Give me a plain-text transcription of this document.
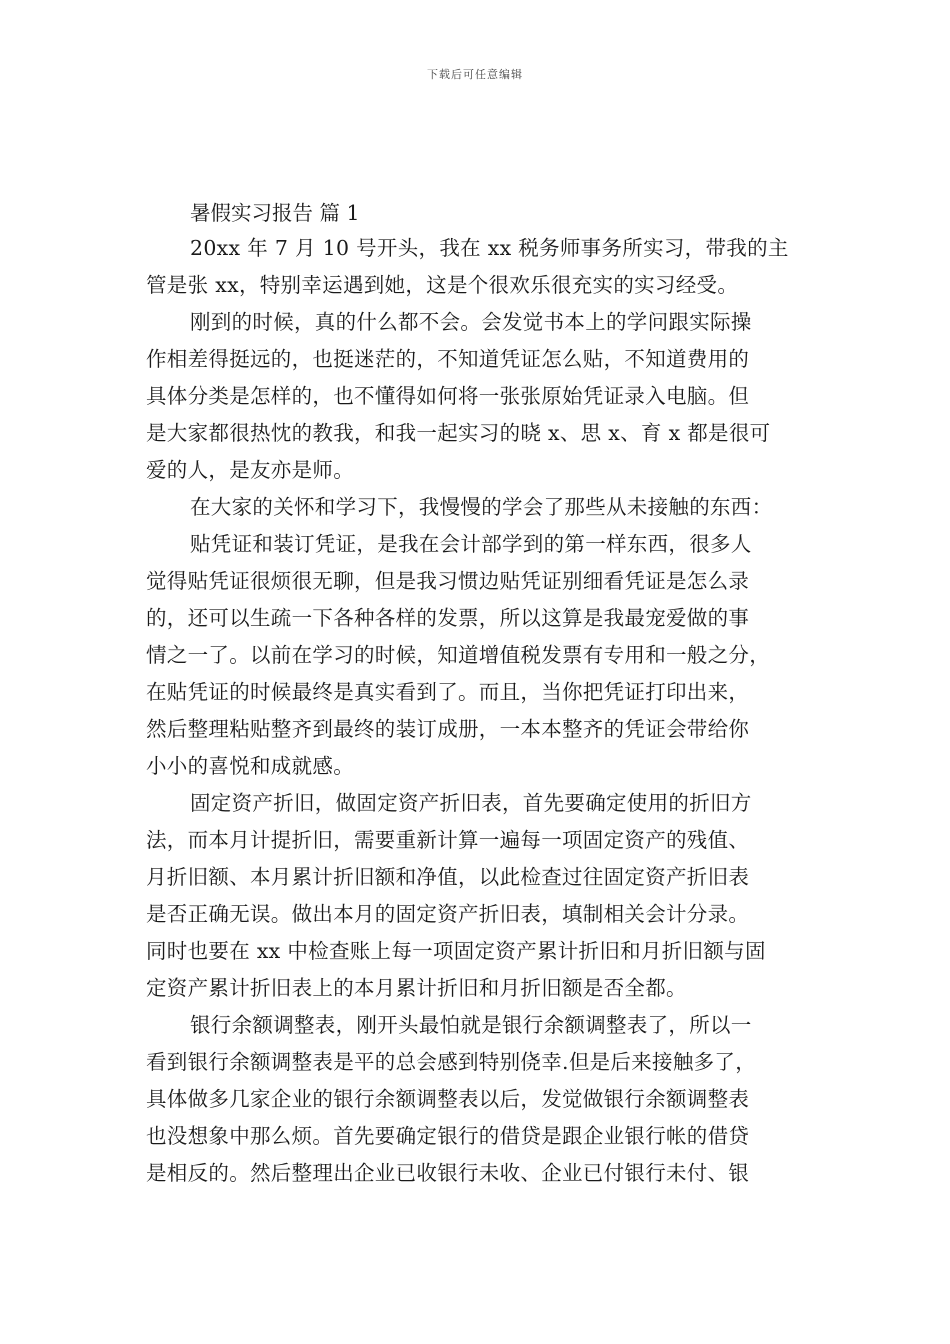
下载后可任意编辑
暑假实习报告 篇 1
20xx 年 7 月 10 号开头，我在 xx 税务师事务所实习，带我的主
管是张 xx，特别幸运遇到她，这是个很欢乐很充实的实习经受。
刚到的时候，真的什么都不会。会发觉书本上的学问跟实际操
作相差得挺远的，也挺迷茫的，不知道凭证怎么贴，不知道费用的
具体分类是怎样的，也不懂得如何将一张张原始凭证录入电脑。但
是大家都很热忱的教我，和我一起实习的晓 x、思 x、育 x 都是很可
爱的人，是友亦是师。
在大家的关怀和学习下，我慢慢的学会了那些从未接触的东西：
贴凭证和装订凭证，是我在会计部学到的第一样东西，很多人
觉得贴凭证很烦很无聊，但是我习惯边贴凭证别细看凭证是怎么录
的，还可以生疏一下各种各样的发票，所以这算是我最宠爱做的事
情之一了。以前在学习的时候，知道增值税发票有专用和一般之分，
在贴凭证的时候最终是真实看到了。而且，当你把凭证打印出来，
然后整理粘贴整齐到最终的装订成册，一本本整齐的凭证会带给你
小小的喜悦和成就感。
固定资产折旧，做固定资产折旧表，首先要确定使用的折旧方
法，而本月计提折旧，需要重新计算一遍每一项固定资产的残值、
月折旧额、本月累计折旧额和净值，以此检查过往固定资产折旧表
是否正确无误。做出本月的固定资产折旧表，填制相关会计分录。
同时也要在 xx 中检查账上每一项固定资产累计折旧和月折旧额与固
定资产累计折旧表上的本月累计折旧和月折旧额是否全都。
银行余额调整表，刚开头最怕就是银行余额调整表了，所以一
看到银行余额调整表是平的总会感到特别侥幸.但是后来接触多了，
具体做多几家企业的银行余额调整表以后，发觉做银行余额调整表
也没想象中那么烦。首先要确定银行的借贷是跟企业银行帐的借贷
是相反的。然后整理出企业已收银行未收、企业已付银行未付、银
